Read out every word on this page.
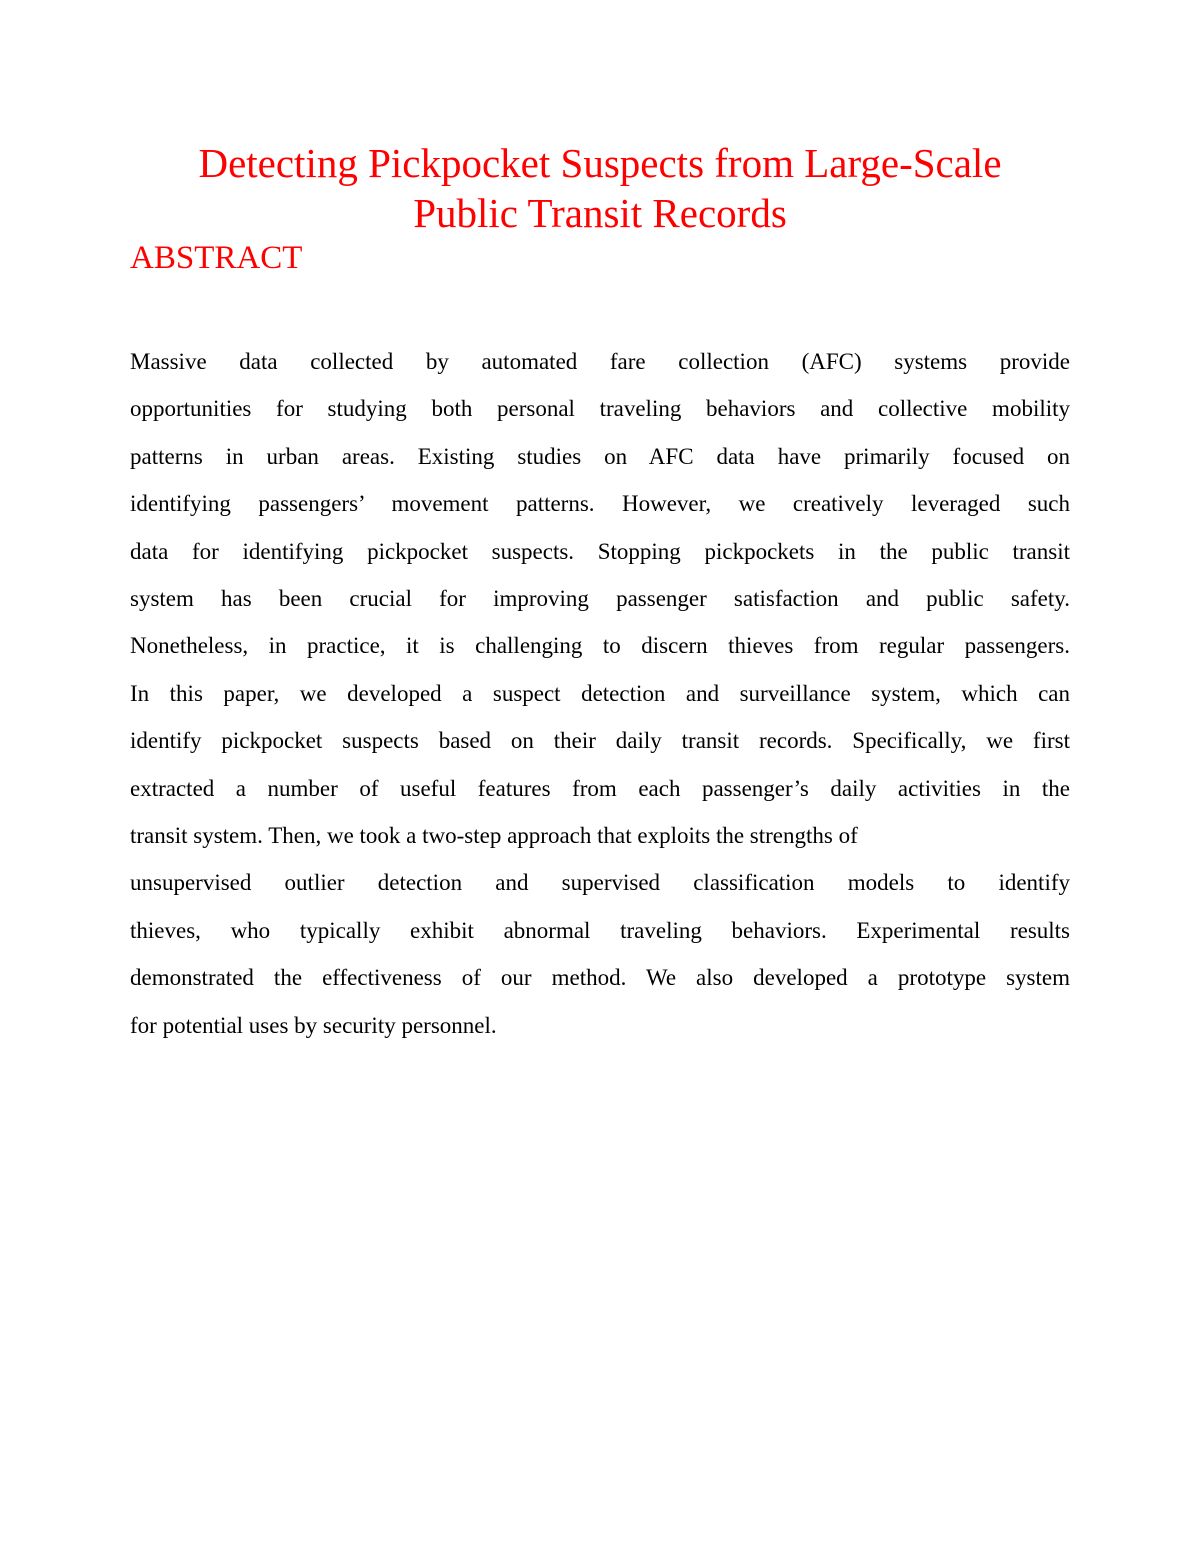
Detecting Pickpocket Suspects from Large-Scale
Public Transit Records
ABSTRACT
Massive data collected by automated fare collection (AFC) systems provide
opportunities for studying both personal traveling behaviors and collective mobility
patterns in urban areas. Existing studies on AFC data have primarily focused on
identifying passengers’ movement patterns. However, we creatively leveraged such
data for identifying pickpocket suspects. Stopping pickpockets in the public transit
system has been crucial for improving passenger satisfaction and public safety.
Nonetheless, in practice, it is challenging to discern thieves from regular passengers.
In this paper, we developed a suspect detection and surveillance system, which can
identify pickpocket suspects based on their daily transit records. Specifically, we first
extracted a number of useful features from each passenger’s daily activities in the
transit system. Then, we took a two-step approach that exploits the strengths of
unsupervised outlier detection and supervised classification models to identify
thieves, who typically exhibit abnormal traveling behaviors. Experimental results
demonstrated the effectiveness of our method. We also developed a prototype system
for potential uses by security personnel.
